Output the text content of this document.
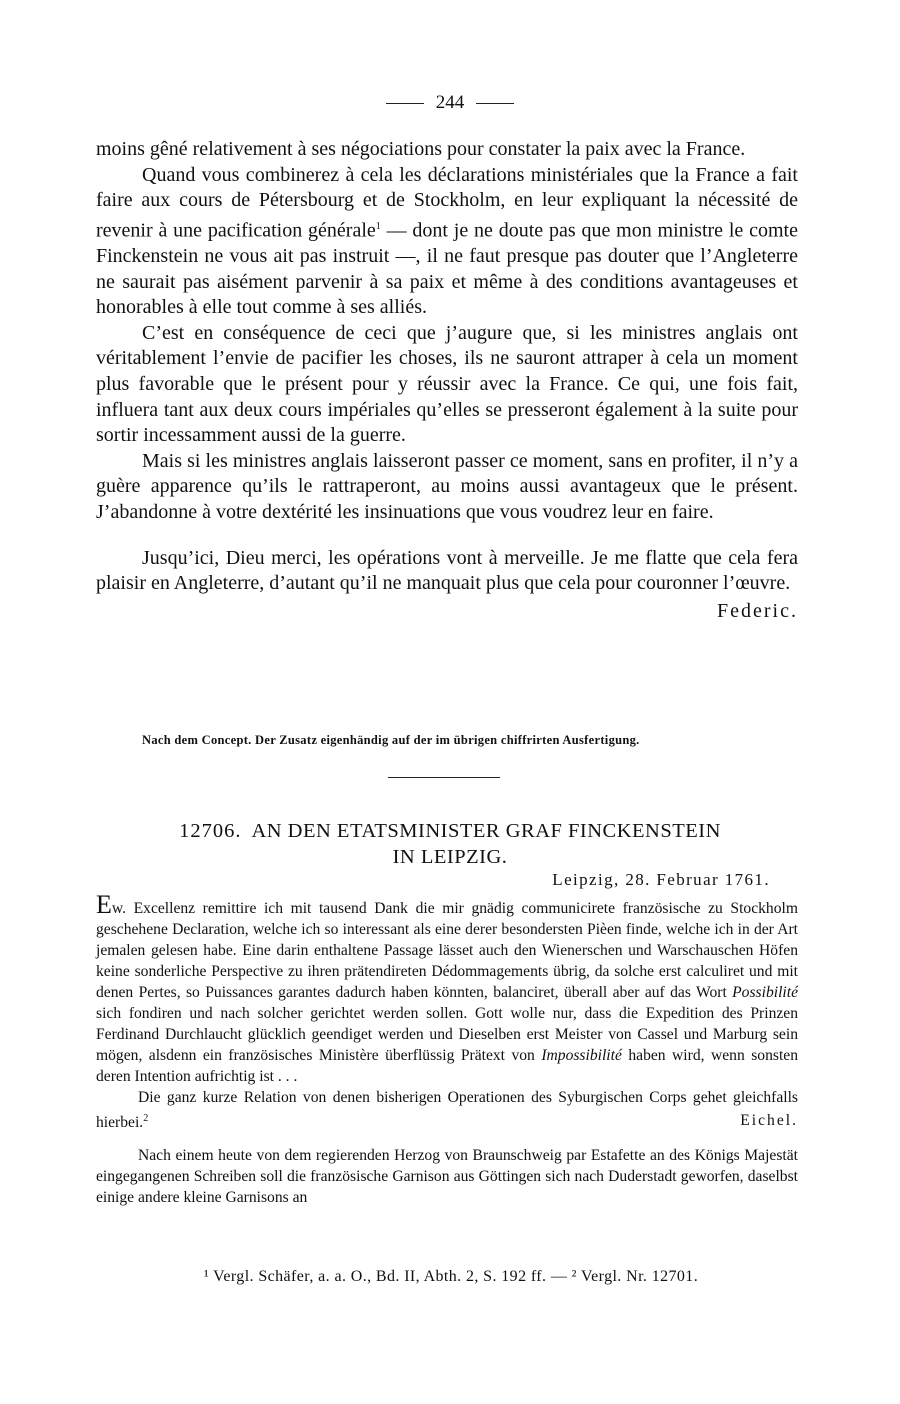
244

moins gêné relativement à ses négociations pour constater la paix avec la France.

Quand vous combinerez à cela les déclarations ministériales que la France a fait faire aux cours de Pétersbourg et de Stockholm, en leur expliquant la nécessité de revenir à une pacification générale$^1$ — dont je ne doute pas que mon ministre le comte Finckenstein ne vous ait pas instruit —, il ne faut presque pas douter que l’Angleterre ne saurait pas aisément parvenir à sa paix et même à des conditions avantageuses et honorables à elle tout comme à ses alliés.

C’est en conséquence de ceci que j’augure que, si les ministres anglais ont véritablement l’envie de pacifier les choses, ils ne sauront attraper à cela un moment plus favorable que le présent pour y réussir avec la France. Ce qui, une fois fait, influera tant aux deux cours impériales qu’elles se presseront également à la suite pour sortir incessamment aussi de la guerre.

Mais si les ministres anglais laisseront passer ce moment, sans en profiter, il n’y a guère apparence qu’ils le rattraperont, au moins aussi avantageux que le présent. J’abandonne à votre dextérité les insinuations que vous voudrez leur en faire.

Jusqu’ici, Dieu merci, les opérations vont à merveille. Je me flatte que cela fera plaisir en Angleterre, d’autant qu’il ne manquait plus que cela pour couronner l’œuvre.
Federic.

Nach dem Concept. Der Zusatz eigenhändig auf der im übrigen chiffrirten Ausfertigung.
12706. AN DEN ETATSMINISTER GRAF FINCKENSTEIN
IN LEIPZIG.
Leipzig, 28. Februar 1761.

Ew. Excellenz remittire ich mit tausend Dank die mir gnädig communicirete französische zu Stockholm geschehene Declaration, welche ich so interessant als eine derer besondersten Pièen finde, welche ich in der Art jemalen gelesen habe. Eine darin enthaltene Passage lässet auch den Wienerschen und Warschauschen Höfen keine sonderliche Perspective zu ihren prätendireten Dédommagements übrig, da solche erst calculiret und mit denen Pertes, so Puissances garantes dadurch haben könnten, balanciret, überall aber auf das Wort Possibilité sich fondiren und nach solcher gerichtet werden sollen. Gott wolle nur, dass die Expedition des Prinzen Ferdinand Durchlaucht glücklich geendiget werden und Dieselben erst Meister von Cassel und Marburg sein mögen, alsdenn ein französisches Ministère überflüssig Prätext von Impossibilité haben wird, wenn sonsten deren Intention aufrichtig ist . . .

Die ganz kurze Relation von denen bisherigen Operationen des Syburgischen Corps gehet gleichfalls hierbei.$^2$	Eichel.

Nach einem heute von dem regierenden Herzog von Braunschweig par Estafette an des Königs Majestät eingegangenen Schreiben soll die französische Garnison aus Göttingen sich nach Duderstadt geworfen, daselbst einige andere kleine Garnisons an

¹ Vergl. Schäfer, a. a. O., Bd. II, Abth. 2, S. 192 ff. — ² Vergl. Nr. 12701.
